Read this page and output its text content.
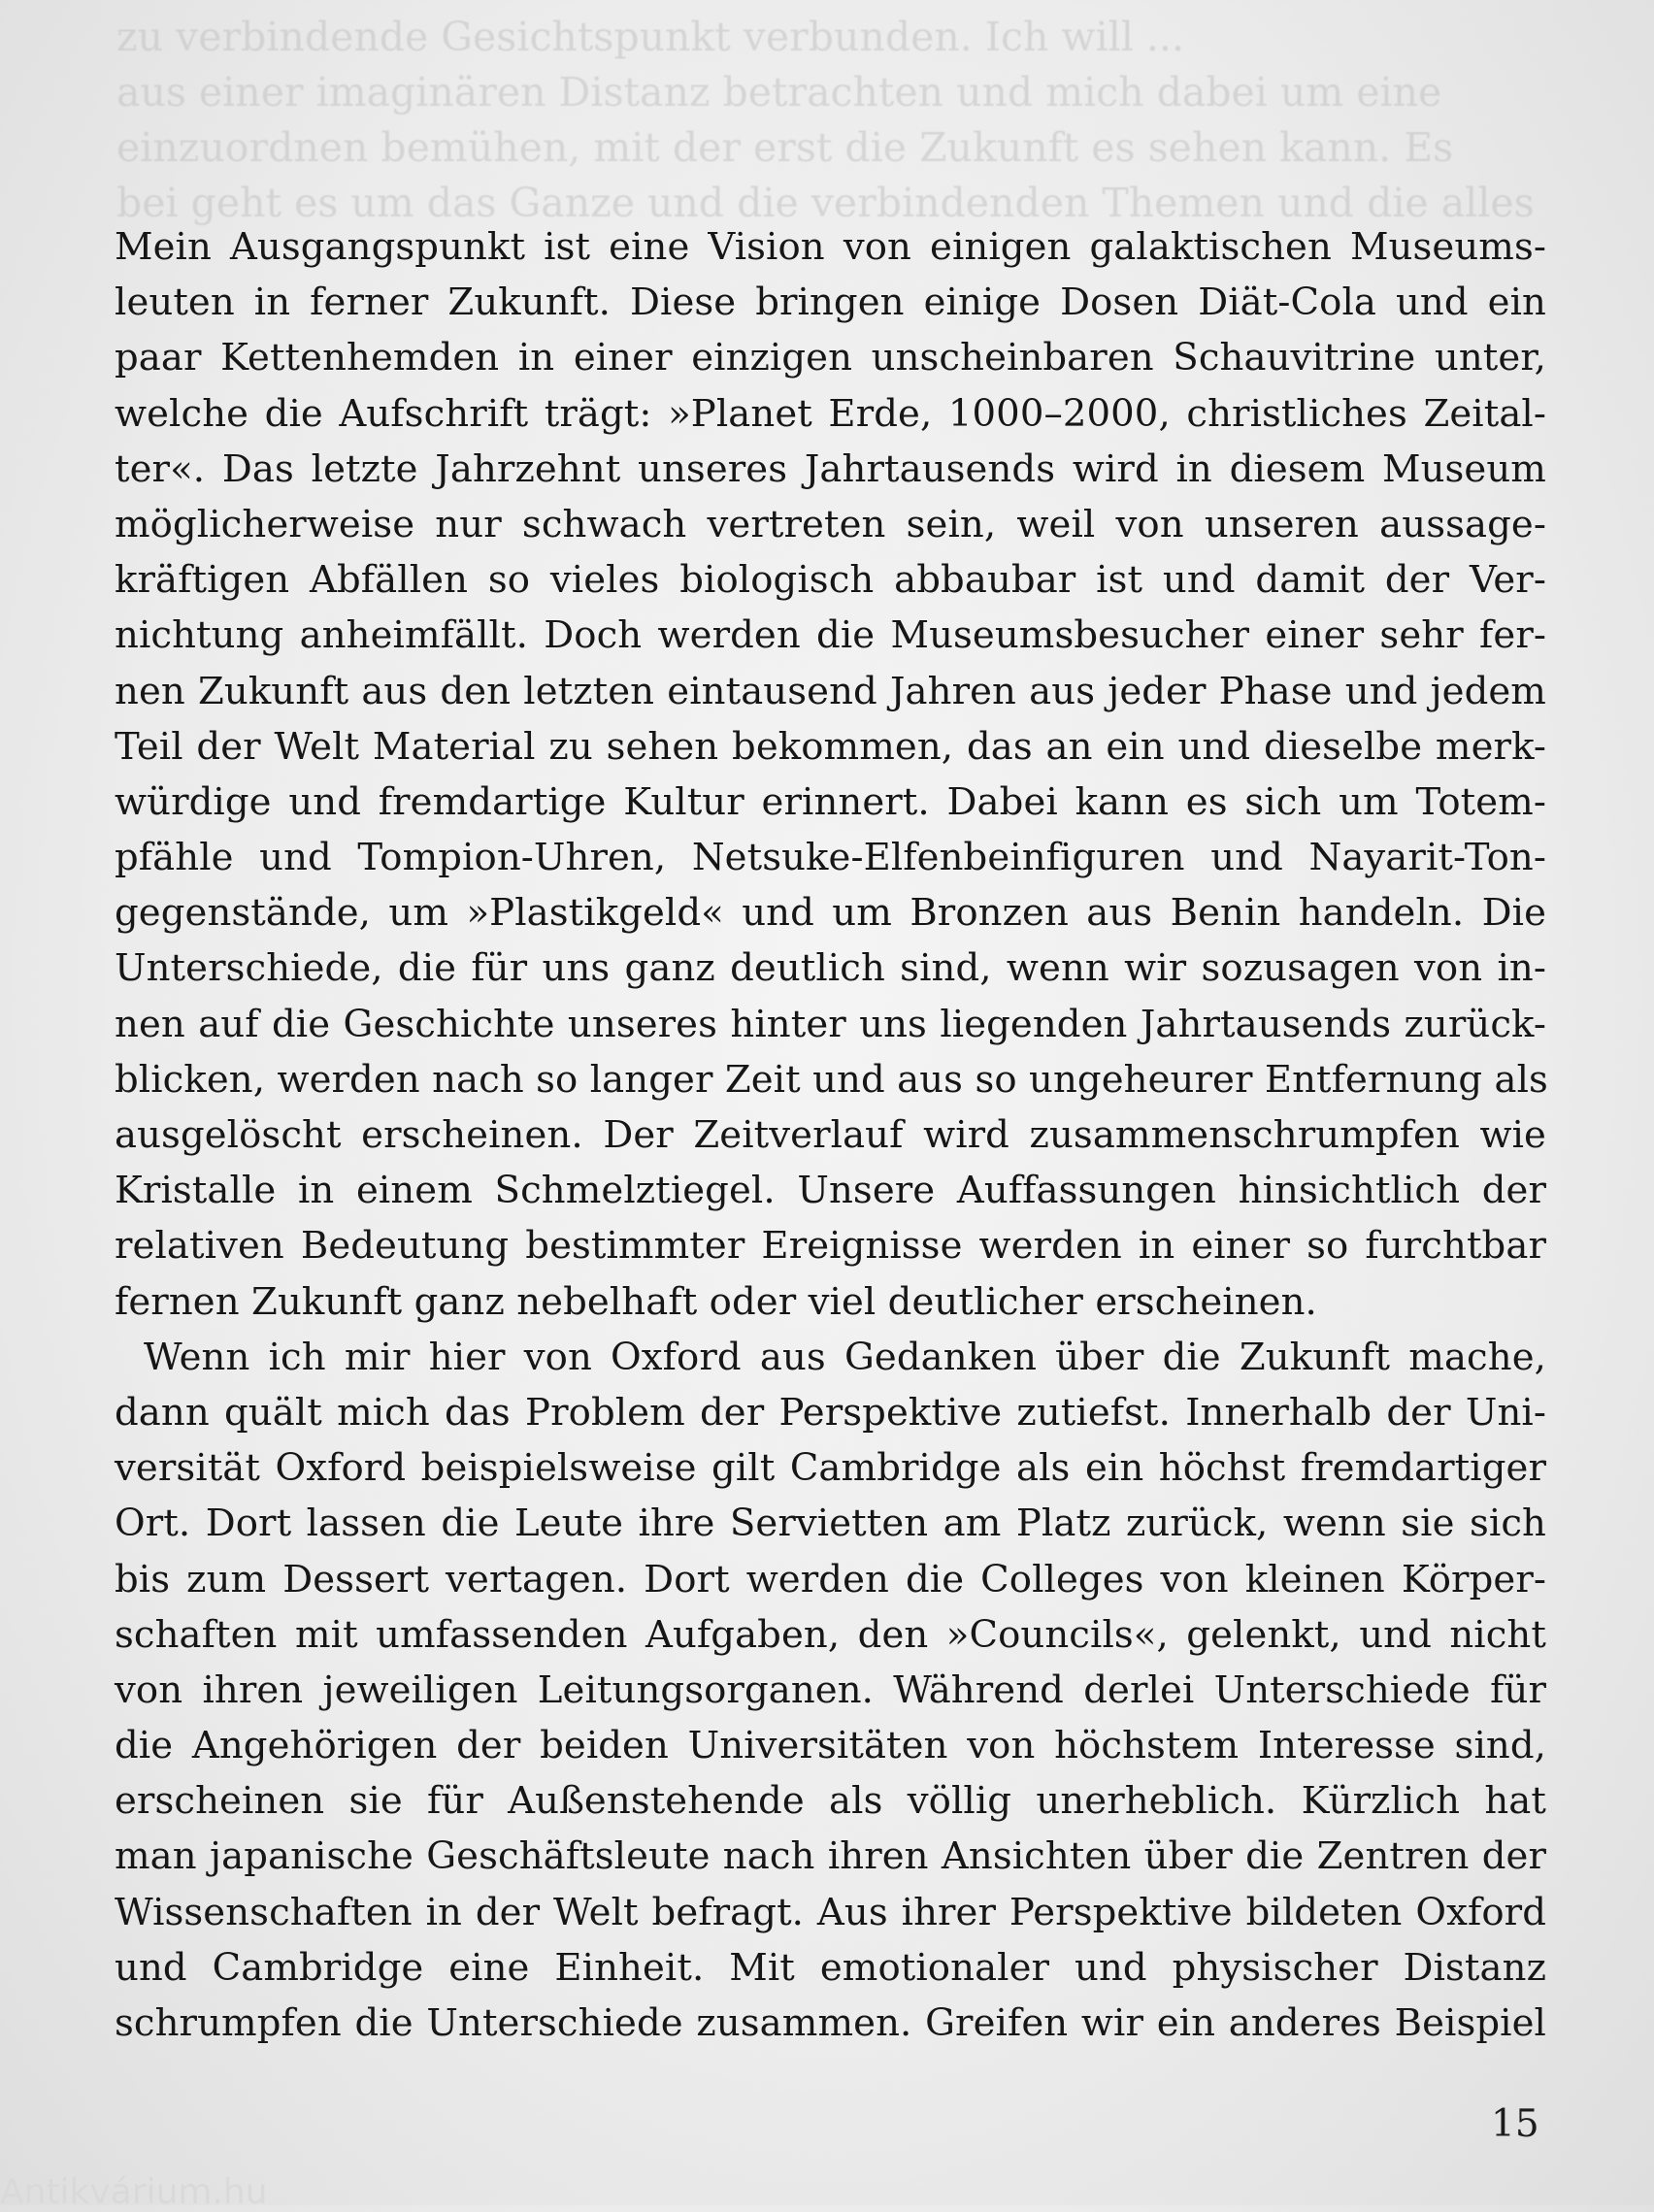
zu verbindende Gesichtspunkt verbunden. Ich will ...
aus einer imaginären Distanz betrachten und mich dabei um eine
einzuordnen bemühen, mit der erst die Zukunft es sehen kann. Es
bei geht es um das Ganze und die verbindenden Themen und die alles
Mein Ausgangspunkt ist eine Vision von einigen galaktischen Museums-
leuten in ferner Zukunft. Diese bringen einige Dosen Diät-Cola und ein
paar Kettenhemden in einer einzigen unscheinbaren Schauvitrine unter,
welche die Aufschrift trägt: »Planet Erde, 1000–2000, christliches Zeital-
ter«. Das letzte Jahrzehnt unseres Jahrtausends wird in diesem Museum
möglicherweise nur schwach vertreten sein, weil von unseren aussage-
kräftigen Abfällen so vieles biologisch abbaubar ist und damit der Ver-
nichtung anheimfällt. Doch werden die Museumsbesucher einer sehr fer-
nen Zukunft aus den letzten eintausend Jahren aus jeder Phase und jedem
Teil der Welt Material zu sehen bekommen, das an ein und dieselbe merk-
würdige und fremdartige Kultur erinnert. Dabei kann es sich um Totem-
pfähle und Tompion-Uhren, Netsuke-Elfenbeinfiguren und Nayarit-Ton-
gegenstände, um »Plastikgeld« und um Bronzen aus Benin handeln. Die
Unterschiede, die für uns ganz deutlich sind, wenn wir sozusagen von in-
nen auf die Geschichte unseres hinter uns liegenden Jahrtausends zurück-
blicken, werden nach so langer Zeit und aus so ungeheurer Entfernung als
ausgelöscht erscheinen. Der Zeitverlauf wird zusammenschrumpfen wie
Kristalle in einem Schmelztiegel. Unsere Auffassungen hinsichtlich der
relativen Bedeutung bestimmter Ereignisse werden in einer so furchtbar
fernen Zukunft ganz nebelhaft oder viel deutlicher erscheinen.
Wenn ich mir hier von Oxford aus Gedanken über die Zukunft mache,
dann quält mich das Problem der Perspektive zutiefst. Innerhalb der Uni-
versität Oxford beispielsweise gilt Cambridge als ein höchst fremdartiger
Ort. Dort lassen die Leute ihre Servietten am Platz zurück, wenn sie sich
bis zum Dessert vertagen. Dort werden die Colleges von kleinen Körper-
schaften mit umfassenden Aufgaben, den »Councils«, gelenkt, und nicht
von ihren jeweiligen Leitungsorganen. Während derlei Unterschiede für
die Angehörigen der beiden Universitäten von höchstem Interesse sind,
erscheinen sie für Außenstehende als völlig unerheblich. Kürzlich hat
man japanische Geschäftsleute nach ihren Ansichten über die Zentren der
Wissenschaften in der Welt befragt. Aus ihrer Perspektive bildeten Oxford
und Cambridge eine Einheit. Mit emotionaler und physischer Distanz
schrumpfen die Unterschiede zusammen. Greifen wir ein anderes Beispiel
15
Antikvárium.hu
